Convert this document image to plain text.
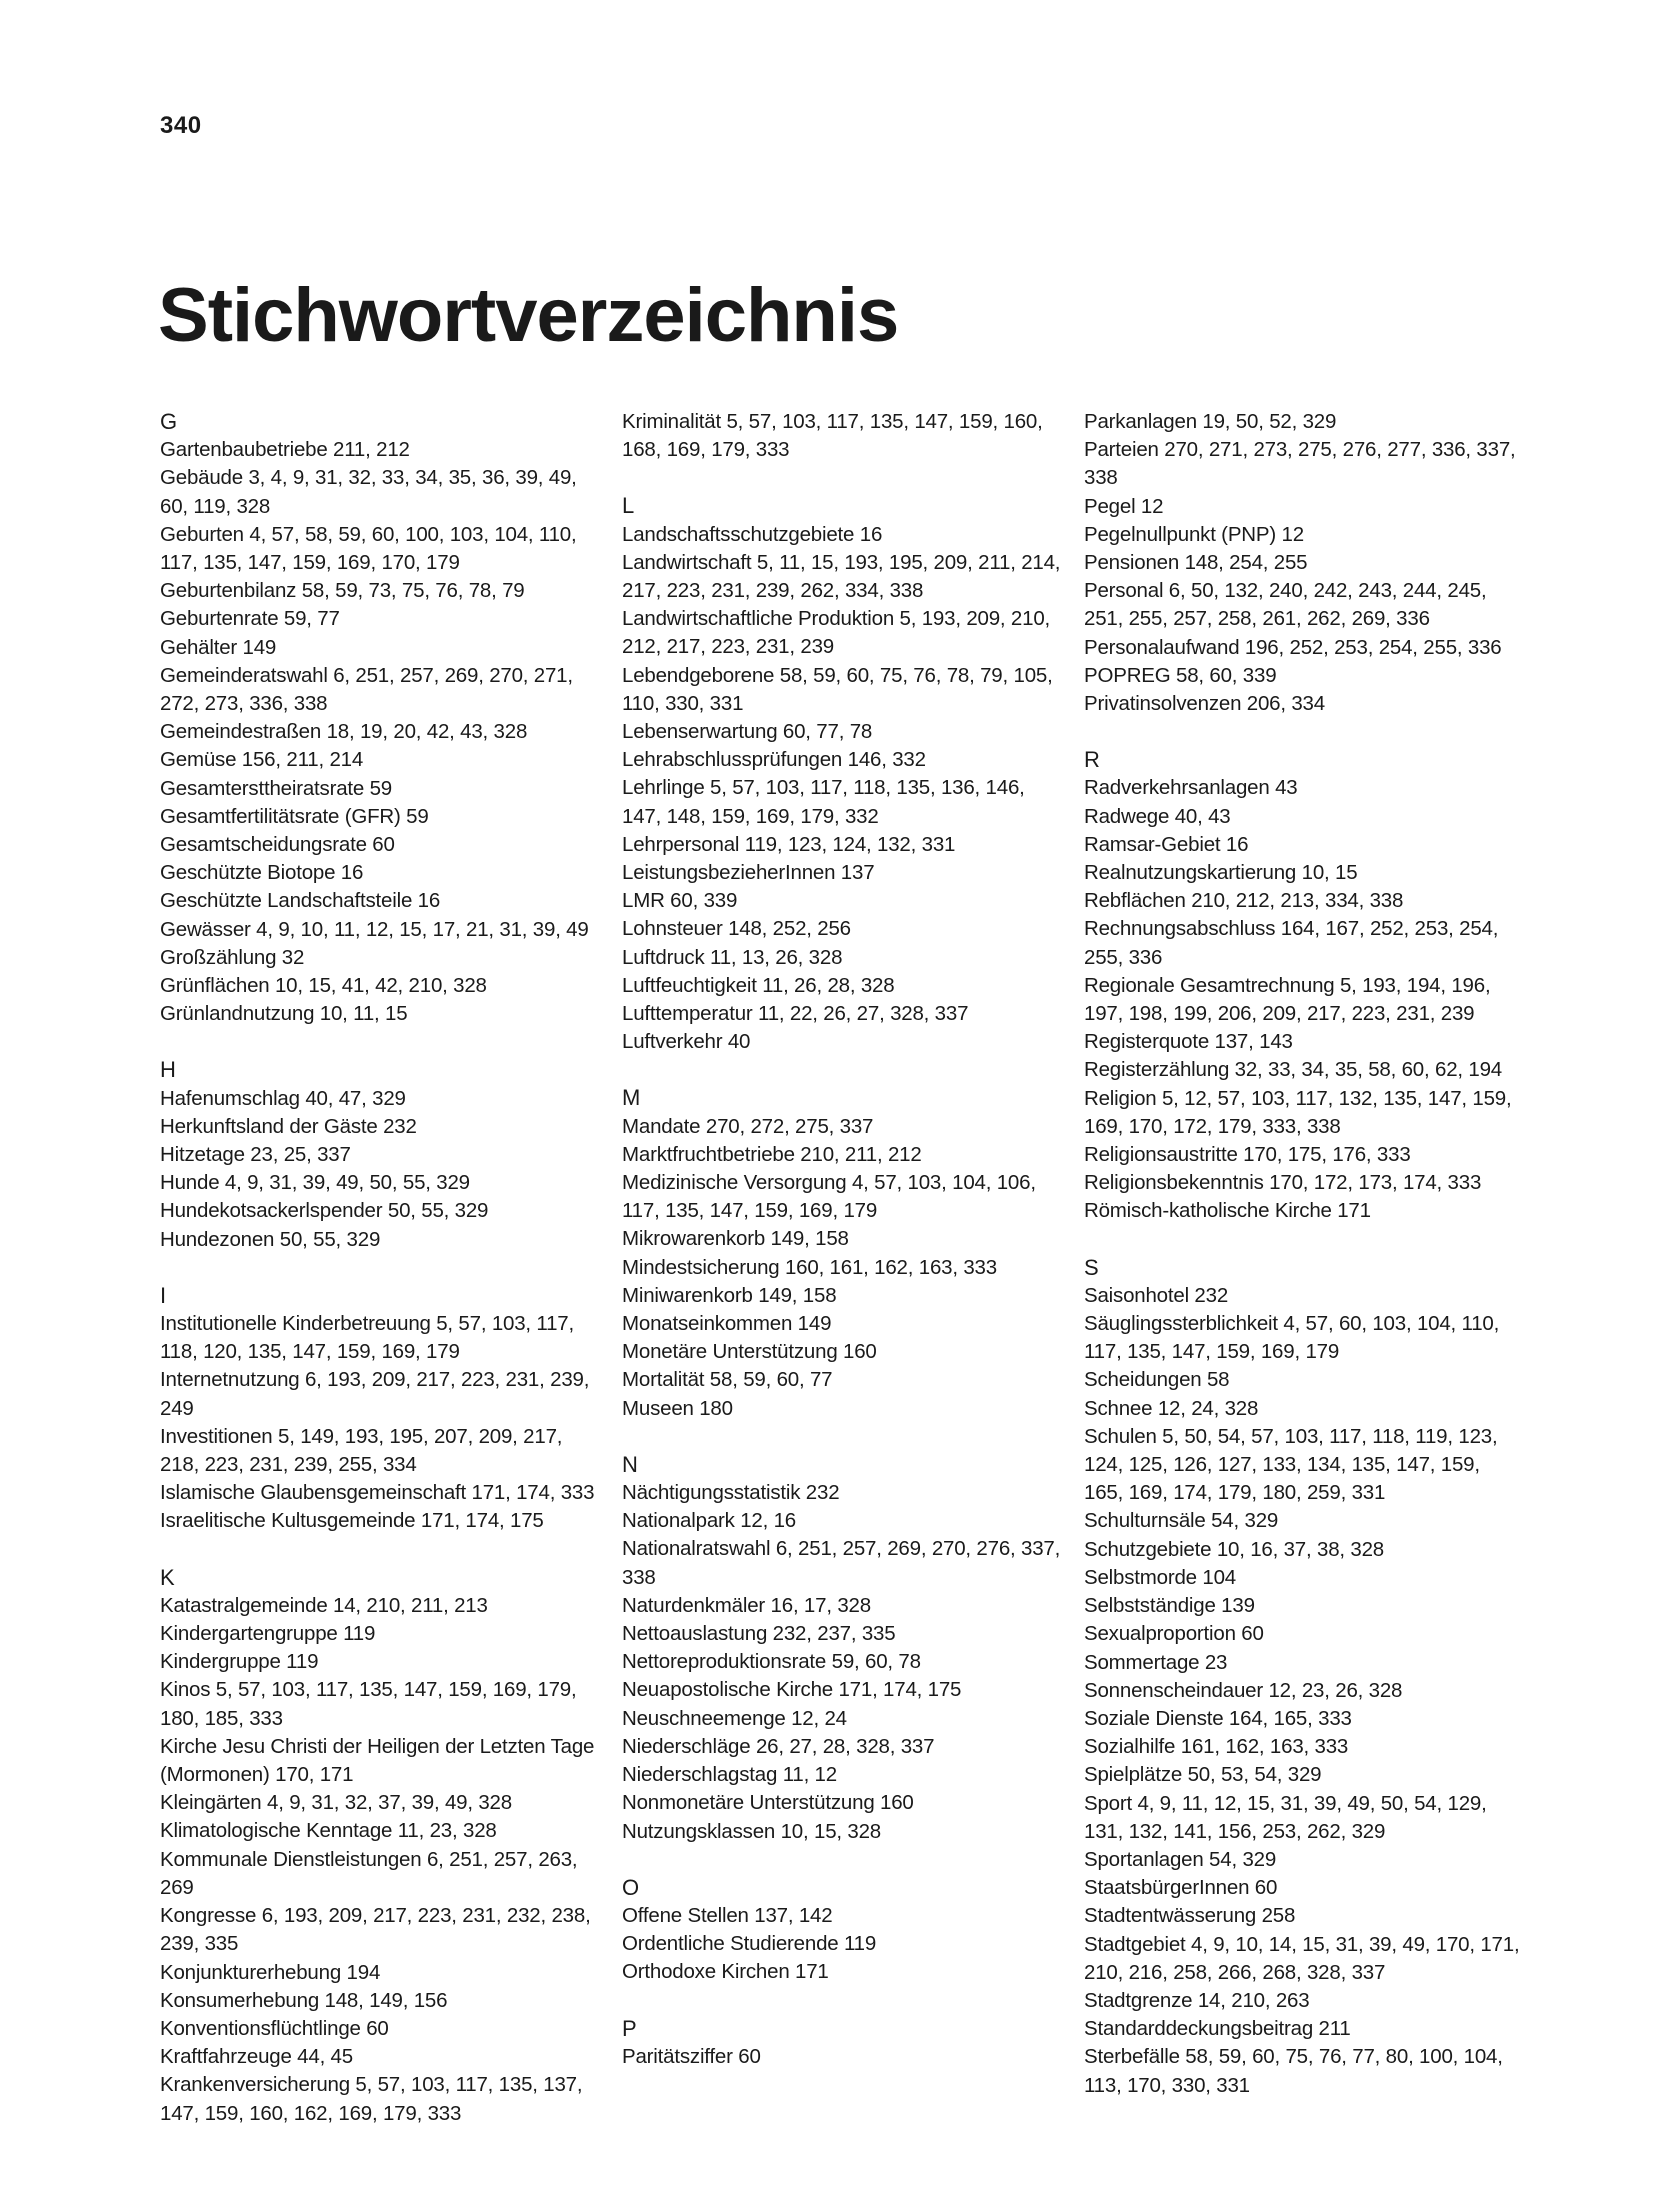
340
Stichwortverzeichnis
G
Gartenbaubetriebe 211, 212
Gebäude 3, 4, 9, 31, 32, 33, 34, 35, 36, 39, 49, 60, 119, 328
Geburten 4, 57, 58, 59, 60, 100, 103, 104, 110, 117, 135, 147, 159, 169, 170, 179
Geburtenbilanz 58, 59, 73, 75, 76, 78, 79
Geburtenrate 59, 77
Gehälter 149
Gemeinderatswahl 6, 251, 257, 269, 270, 271, 272, 273, 336, 338
Gemeindestraßen 18, 19, 20, 42, 43, 328
Gemüse 156, 211, 214
Gesamtersttheiratsrate 59
Gesamtfertilitätsrate (GFR) 59
Gesamtscheidungsrate 60
Geschützte Biotope 16
Geschützte Landschaftsteile 16
Gewässer 4, 9, 10, 11, 12, 15, 17, 21, 31, 39, 49
Großzählung 32
Grünflächen 10, 15, 41, 42, 210, 328
Grünlandnutzung 10, 11, 15
H
Hafenumschlag 40, 47, 329
Herkunftsland der Gäste 232
Hitzetage 23, 25, 337
Hunde 4, 9, 31, 39, 49, 50, 55, 329
Hundekotsackerlspender 50, 55, 329
Hundezonen 50, 55, 329
I
Institutionelle Kinderbetreuung 5, 57, 103, 117, 118, 120, 135, 147, 159, 169, 179
Internetnutzung 6, 193, 209, 217, 223, 231, 239, 249
Investitionen 5, 149, 193, 195, 207, 209, 217, 218, 223, 231, 239, 255, 334
Islamische Glaubensgemeinschaft 171, 174, 333
Israelitische Kultusgemeinde 171, 174, 175
K
Katastralgemeinde 14, 210, 211, 213
Kindergartengruppe 119
Kindergruppe 119
Kinos 5, 57, 103, 117, 135, 147, 159, 169, 179, 180, 185, 333
Kirche Jesu Christi der Heiligen der Letzten Tage (Mormonen) 170, 171
Kleingärten 4, 9, 31, 32, 37, 39, 49, 328
Klimatologische Kenntage 11, 23, 328
Kommunale Dienstleistungen 6, 251, 257, 263, 269
Kongresse 6, 193, 209, 217, 223, 231, 232, 238, 239, 335
Konjunkturerhebung 194
Konsumerhebung 148, 149, 156
Konventionsflüchtlinge 60
Kraftfahrzeuge 44, 45
Krankenversicherung 5, 57, 103, 117, 135, 137, 147, 159, 160, 162, 169, 179, 333
Kriminalität 5, 57, 103, 117, 135, 147, 159, 160, 168, 169, 179, 333
L
Landschaftsschutzgebiete 16
Landwirtschaft 5, 11, 15, 193, 195, 209, 211, 214, 217, 223, 231, 239, 262, 334, 338
Landwirtschaftliche Produktion 5, 193, 209, 210, 212, 217, 223, 231, 239
Lebendgeborene 58, 59, 60, 75, 76, 78, 79, 105, 110, 330, 331
Lebenserwartung 60, 77, 78
Lehrabschlussprüfungen 146, 332
Lehrlinge 5, 57, 103, 117, 118, 135, 136, 146, 147, 148, 159, 169, 179, 332
Lehrpersonal 119, 123, 124, 132, 331
LeistungsbezieherInnen 137
LMR 60, 339
Lohnsteuer 148, 252, 256
Luftdruck 11, 13, 26, 328
Luftfeuchtigkeit 11, 26, 28, 328
Lufttemperatur 11, 22, 26, 27, 328, 337
Luftverkehr 40
M
Mandate 270, 272, 275, 337
Marktfruchtbetriebe 210, 211, 212
Medizinische Versorgung 4, 57, 103, 104, 106, 117, 135, 147, 159, 169, 179
Mikrowarenkorb 149, 158
Mindestsicherung 160, 161, 162, 163, 333
Miniwarenkorb 149, 158
Monatseinkommen 149
Monetäre Unterstützung 160
Mortalität 58, 59, 60, 77
Museen 180
N
Nächtigungsstatistik 232
Nationalpark 12, 16
Nationalratswahl 6, 251, 257, 269, 270, 276, 337, 338
Naturdenkmäler 16, 17, 328
Nettoauslastung 232, 237, 335
Nettoreproduktionsrate 59, 60, 78
Neuapostolische Kirche 171, 174, 175
Neuschneemenge 12, 24
Niederschläge 26, 27, 28, 328, 337
Niederschlagstag 11, 12
Nonmonetäre Unterstützung 160
Nutzungsklassen 10, 15, 328
O
Offene Stellen 137, 142
Ordentliche Studierende 119
Orthodoxe Kirchen 171
P
Paritätsziffer 60
Parkanlagen 19, 50, 52, 329
Parteien 270, 271, 273, 275, 276, 277, 336, 337, 338
Pegel 12
Pegelnullpunkt (PNP) 12
Pensionen 148, 254, 255
Personal 6, 50, 132, 240, 242, 243, 244, 245, 251, 255, 257, 258, 261, 262, 269, 336
Personalaufwand 196, 252, 253, 254, 255, 336
POPREG 58, 60, 339
Privatinsolvenzen 206, 334
R
Radverkehrsanlagen 43
Radwege 40, 43
Ramsar-Gebiet 16
Realnutzungskartierung 10, 15
Rebflächen 210, 212, 213, 334, 338
Rechnungsabschluss 164, 167, 252, 253, 254, 255, 336
Regionale Gesamtrechnung 5, 193, 194, 196, 197, 198, 199, 206, 209, 217, 223, 231, 239
Registerquote 137, 143
Registerzählung 32, 33, 34, 35, 58, 60, 62, 194
Religion 5, 12, 57, 103, 117, 132, 135, 147, 159, 169, 170, 172, 179, 333, 338
Religionsaustritte 170, 175, 176, 333
Religionsbekenntnis 170, 172, 173, 174, 333
Römisch-katholische Kirche 171
S
Saisonhotel 232
Säuglingssterblichkeit 4, 57, 60, 103, 104, 110, 117, 135, 147, 159, 169, 179
Scheidungen 58
Schnee 12, 24, 328
Schulen 5, 50, 54, 57, 103, 117, 118, 119, 123, 124, 125, 126, 127, 133, 134, 135, 147, 159, 165, 169, 174, 179, 180, 259, 331
Schulturnsäle 54, 329
Schutzgebiete 10, 16, 37, 38, 328
Selbstmorde 104
Selbstständige 139
Sexualproportion 60
Sommertage 23
Sonnenscheindauer 12, 23, 26, 328
Soziale Dienste 164, 165, 333
Sozialhilfe 161, 162, 163, 333
Spielplätze 50, 53, 54, 329
Sport 4, 9, 11, 12, 15, 31, 39, 49, 50, 54, 129, 131, 132, 141, 156, 253, 262, 329
Sportanlagen 54, 329
StaatsbürgerInnen 60
Stadtentwässerung 258
Stadtgebiet 4, 9, 10, 14, 15, 31, 39, 49, 170, 171, 210, 216, 258, 266, 268, 328, 337
Stadtgrenze 14, 210, 263
Standarddeckungsbeitrag 211
Sterbefälle 58, 59, 60, 75, 76, 77, 80, 100, 104, 113, 170, 330, 331
